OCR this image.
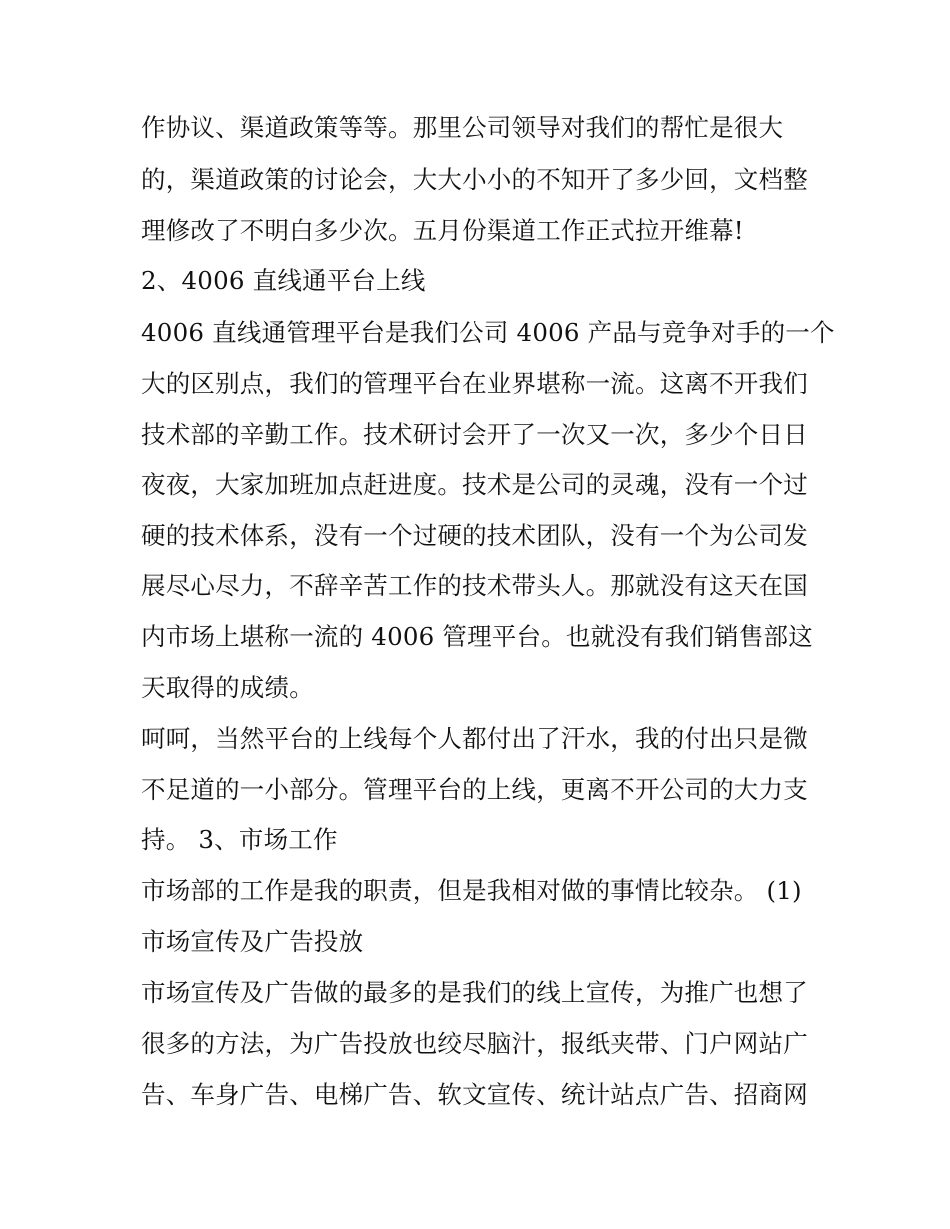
作协议、渠道政策等等。那里公司领导对我们的帮忙是很大
的，渠道政策的讨论会，大大小小的不知开了多少回，文档整
理修改了不明白多少次。五月份渠道工作正式拉开维幕!
2、4006 直线通平台上线
4006 直线通管理平台是我们公司 4006 产品与竞争对手的一个
大的区别点，我们的管理平台在业界堪称一流。这离不开我们
技术部的辛勤工作。技术研讨会开了一次又一次，多少个日日
夜夜，大家加班加点赶进度。技术是公司的灵魂，没有一个过
硬的技术体系，没有一个过硬的技术团队，没有一个为公司发
展尽心尽力，不辞辛苦工作的技术带头人。那就没有这天在国
内市场上堪称一流的 4006 管理平台。也就没有我们销售部这
天取得的成绩。
呵呵，当然平台的上线每个人都付出了汗水，我的付出只是微
不足道的一小部分。管理平台的上线，更离不开公司的大力支
持。 3、市场工作
市场部的工作是我的职责，但是我相对做的事情比较杂。 (1)
市场宣传及广告投放
市场宣传及广告做的最多的是我们的线上宣传，为推广也想了
很多的方法，为广告投放也绞尽脑汁，报纸夹带、门户网站广
告、车身广告、电梯广告、软文宣传、统计站点广告、招商网
